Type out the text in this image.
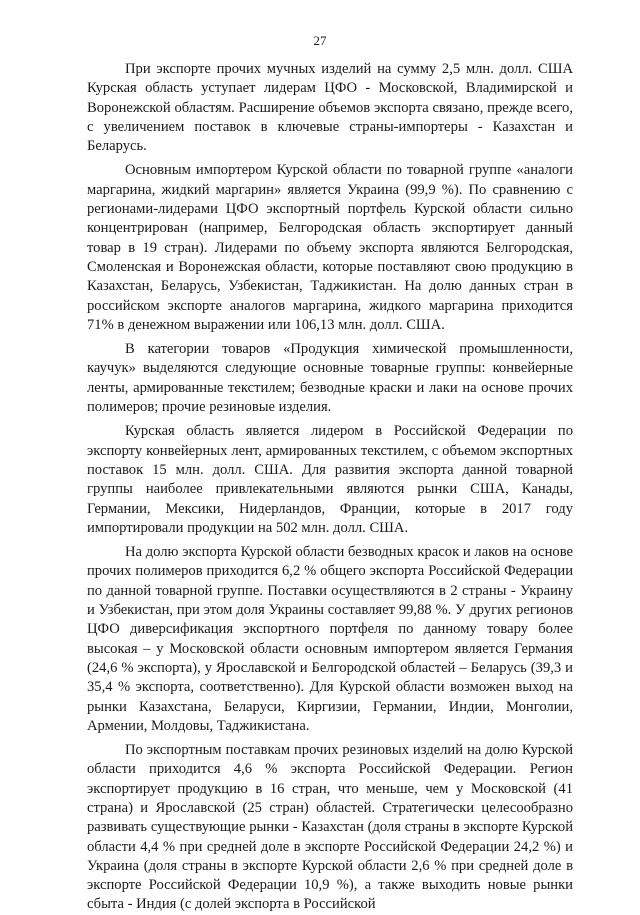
27

При экспорте прочих мучных изделий на сумму 2,5 млн. долл. США Курская область уступает лидерам ЦФО - Московской, Владимирской и Воронежской областям. Расширение объемов экспорта связано, прежде всего, с увеличением поставок в ключевые страны-импортеры - Казахстан и Беларусь.

Основным импортером Курской области по товарной группе «аналоги маргарина, жидкий маргарин» является Украина (99,9 %). По сравнению с регионами-лидерами ЦФО экспортный портфель Курской области сильно концентрирован (например, Белгородская область экспортирует данный товар в 19 стран). Лидерами по объему экспорта являются Белгородская, Смоленская и Воронежская области, которые поставляют свою продукцию в Казахстан, Беларусь, Узбекистан, Таджикистан. На долю данных стран в российском экспорте аналогов маргарина, жидкого маргарина приходится 71% в денежном выражении или 106,13 млн. долл. США.

В категории товаров «Продукция химической промышленности, каучук» выделяются следующие основные товарные группы: конвейерные ленты, армированные текстилем; безводные краски и лаки на основе прочих полимеров; прочие резиновые изделия.

Курская область является лидером в Российской Федерации по экспорту конвейерных лент, армированных текстилем, с объемом экспортных поставок 15 млн. долл. США. Для развития экспорта данной товарной группы наиболее привлекательными являются рынки США, Канады, Германии, Мексики, Нидерландов, Франции, которые в 2017 году импортировали продукции на 502 млн. долл. США.

На долю экспорта Курской области безводных красок и лаков на основе прочих полимеров приходится 6,2 % общего экспорта Российской Федерации по данной товарной группе. Поставки осуществляются в 2 страны - Украину и Узбекистан, при этом доля Украины составляет 99,88 %. У других регионов ЦФО диверсификация экспортного портфеля по данному товару более высокая – у Московской области основным импортером является Германия (24,6 % экспорта), у Ярославской и Белгородской областей – Беларусь (39,3 и 35,4 % экспорта, соответственно). Для Курской области возможен выход на рынки Казахстана, Беларуси, Киргизии, Германии, Индии, Монголии, Армении, Молдовы, Таджикистана.

По экспортным поставкам прочих резиновых изделий на долю Курской области приходится 4,6 % экспорта Российской Федерации. Регион экспортирует продукцию в 16 стран, что меньше, чем у Московской (41 страна) и Ярославской (25 стран) областей. Стратегически целесообразно развивать существующие рынки - Казахстан (доля страны в экспорте Курской области 4,4 % при средней доле в экспорте Российской Федерации 24,2 %) и Украина (доля страны в экспорте Курской области 2,6 % при средней доле в экспорте Российской Федерации 10,9 %), а также выходить новые рынки сбыта - Индия (с долей экспорта в Российской
